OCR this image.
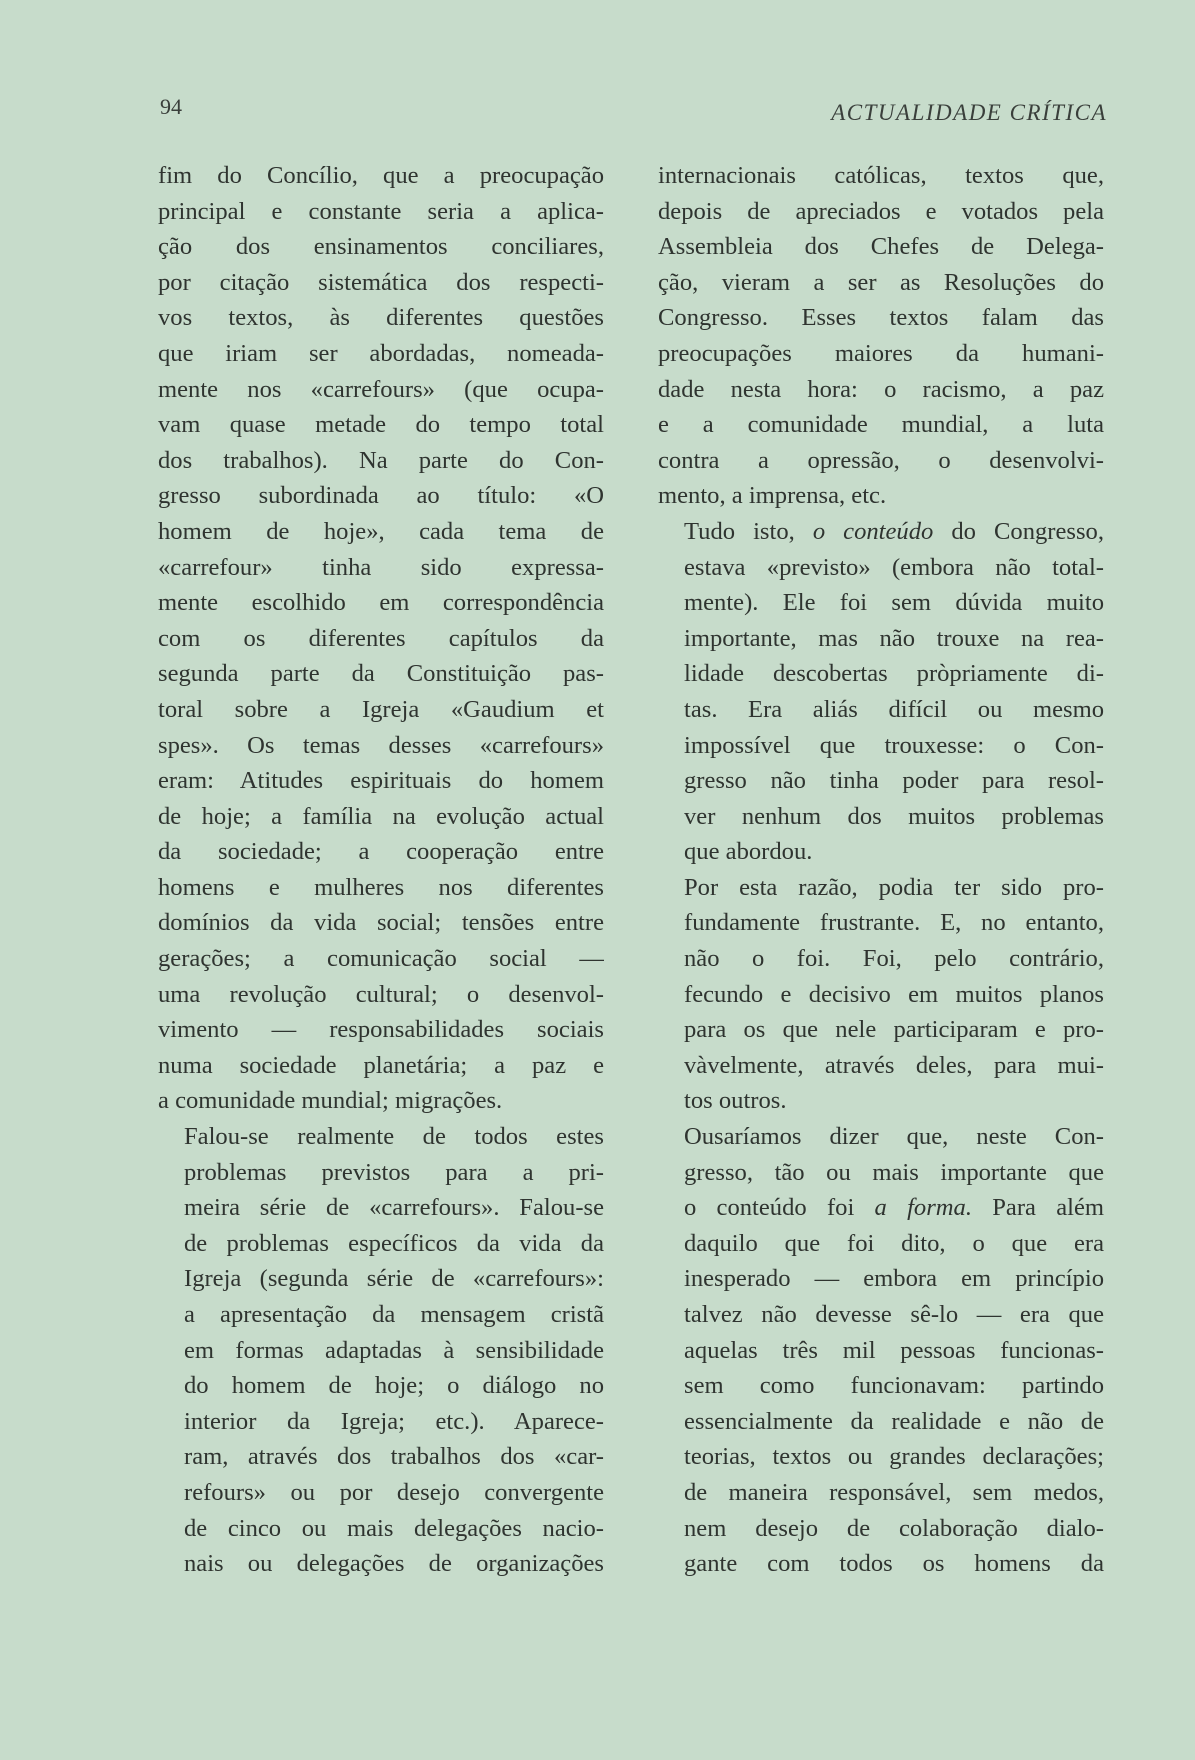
94	ACTUALIDADE CRÍTICA
fim do Concílio, que a preocupação
principal e constante seria a aplica-
ção dos ensinamentos conciliares,
por citação sistemática dos respecti-
vos textos, às diferentes questões
que iriam ser abordadas, nomeada-
mente nos «carrefours» (que ocupa-
vam quase metade do tempo total
dos trabalhos). Na parte do Con-
gresso subordinada ao título: «O
homem de hoje», cada tema de
«carrefour» tinha sido expressa-
mente escolhido em correspondência
com os diferentes capítulos da
segunda parte da Constituição pas-
toral sobre a Igreja «Gaudium et
spes». Os temas desses «carrefours»
eram: Atitudes espirituais do homem
de hoje; a família na evolução actual
da sociedade; a cooperação entre
homens e mulheres nos diferentes
domínios da vida social; tensões entre
gerações; a comunicação social —
uma revolução cultural; o desenvol-
vimento — responsabilidades sociais
numa sociedade planetária; a paz e
a comunidade mundial; migrações.
Falou-se realmente de todos estes
problemas previstos para a pri-
meira série de «carrefours». Falou-se
de problemas específicos da vida da
Igreja (segunda série de «carrefours»:
a apresentação da mensagem cristã
em formas adaptadas à sensibilidade
do homem de hoje; o diálogo no
interior da Igreja; etc.). Aparece-
ram, através dos trabalhos dos «car-
refours» ou por desejo convergente
de cinco ou mais delegações nacio-
nais ou delegações de organizações
internacionais católicas, textos que,
depois de apreciados e votados pela
Assembleia dos Chefes de Delega-
ção, vieram a ser as Resoluções do
Congresso. Esses textos falam das
preocupações maiores da humani-
dade nesta hora: o racismo, a paz
e a comunidade mundial, a luta
contra a opressão, o desenvolvi-
mento, a imprensa, etc.
Tudo isto, o conteúdo do Congresso,
estava «previsto» (embora não total-
mente). Ele foi sem dúvida muito
importante, mas não trouxe na rea-
lidade descobertas pròpriamente di-
tas. Era aliás difícil ou mesmo
impossível que trouxesse: o Con-
gresso não tinha poder para resol-
ver nenhum dos muitos problemas
que abordou.
Por esta razão, podia ter sido pro-
fundamente frustrante. E, no entanto,
não o foi. Foi, pelo contrário,
fecundo e decisivo em muitos planos
para os que nele participaram e pro-
vàvelmente, através deles, para mui-
tos outros.
Ousaríamos dizer que, neste Con-
gresso, tão ou mais importante que
o conteúdo foi a forma. Para além
daquilo que foi dito, o que era
inesperado — embora em princípio
talvez não devesse sê-lo — era que
aquelas três mil pessoas funcionas-
sem como funcionavam: partindo
essencialmente da realidade e não de
teorias, textos ou grandes declarações;
de maneira responsável, sem medos,
nem desejo de colaboração dialo-
gante com todos os homens da
